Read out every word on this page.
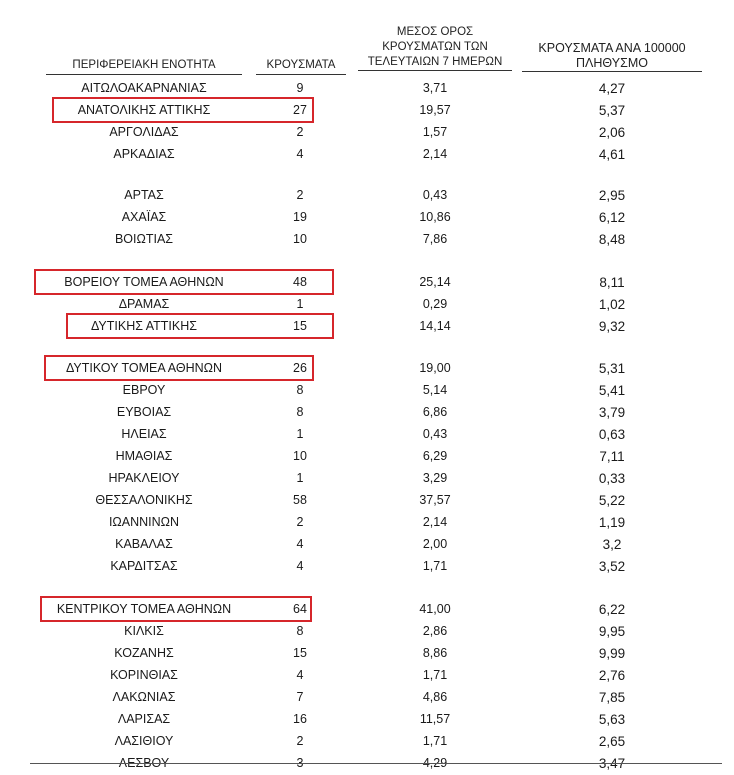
ΠΕΡΙΦΕΡΕΙΑΚΗ ΕΝΟΤΗΤΑ	ΚΡΟΥΣΜΑΤΑ
ΜΕΣΟΣ ΟΡΟΣ
ΚΡΟΥΣΜΑΤΩΝ ΤΩΝ
ΤΕΛΕΥΤΑΙΩΝ 7 ΗΜΕΡΩΝ
ΚΡΟΥΣΜΑΤΑ ΑΝΑ 100000
ΠΛΗΘΥΣΜΟ
ΑΙΤΩΛΟΑΚΑΡΝΑΝΙΑΣ	9	3,71	4,27
ΑΝΑΤΟΛΙΚΗΣ ΑΤΤΙΚΗΣ	27	19,57	5,37
ΑΡΓΟΛΙΔΑΣ	2	1,57	2,06
ΑΡΚΑΔΙΑΣ	4	2,14	4,61
ΑΡΤΑΣ	2	0,43	2,95
ΑΧΑΪΑΣ	19	10,86	6,12
ΒΟΙΩΤΙΑΣ	10	7,86	8,48
ΒΟΡΕΙΟΥ ΤΟΜΕΑ ΑΘΗΝΩΝ	48	25,14	8,11
ΔΡΑΜΑΣ	1	0,29	1,02
ΔΥΤΙΚΗΣ ΑΤΤΙΚΗΣ	15	14,14	9,32
ΔΥΤΙΚΟΥ ΤΟΜΕΑ ΑΘΗΝΩΝ	26	19,00	5,31
ΕΒΡΟΥ	8	5,14	5,41
ΕΥΒΟΙΑΣ	8	6,86	3,79
ΗΛΕΙΑΣ	1	0,43	0,63
ΗΜΑΘΙΑΣ	10	6,29	7,11
ΗΡΑΚΛΕΙΟΥ	1	3,29	0,33
ΘΕΣΣΑΛΟΝΙΚΗΣ	58	37,57	5,22
ΙΩΑΝΝΙΝΩΝ	2	2,14	1,19
ΚΑΒΑΛΑΣ	4	2,00	3,2
ΚΑΡΔΙΤΣΑΣ	4	1,71	3,52
ΚΕΝΤΡΙΚΟΥ ΤΟΜΕΑ ΑΘΗΝΩΝ	64	41,00	6,22
ΚΙΛΚΙΣ	8	2,86	9,95
ΚΟΖΑΝΗΣ	15	8,86	9,99
ΚΟΡΙΝΘΙΑΣ	4	1,71	2,76
ΛΑΚΩΝΙΑΣ	7	4,86	7,85
ΛΑΡΙΣΑΣ	16	11,57	5,63
ΛΑΣΙΘΙΟΥ	2	1,71	2,65
ΛΕΣΒΟΥ	3	4,29	3,47
